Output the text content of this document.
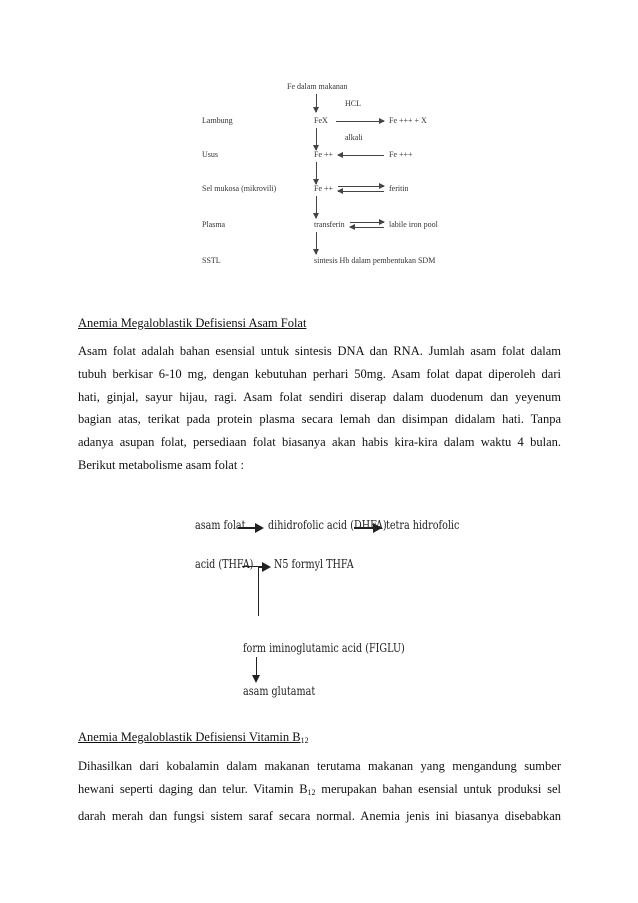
Fe dalam makanan
HCL
Lambung	FeX	Fe +++ + X
alkali
Usus	Fe ++	Fe +++
Sel mukosa (mikrovili)	Fe ++	feritin
Plasma	transferin	labile iron pool
SSTL	sintesis Hb dalam pembentukan SDM
Anemia Megaloblastik Defisiensi Asam Folat
Asam folat adalah bahan esensial untuk sintesis DNA dan RNA. Jumlah asam folat dalam
tubuh berkisar 6-10 mg, dengan kebutuhan perhari 50mg. Asam folat dapat diperoleh dari
hati, ginjal, sayur hijau, ragi. Asam folat sendiri diserap dalam duodenum dan yeyenum
bagian atas, terikat pada protein plasma secara lemah dan disimpan didalam hati. Tanpa
adanya asupan folat, persediaan folat biasanya akan habis kira-kira dalam waktu 4 bulan.
Berikut metabolisme asam folat :
asam folat dihidrofolic acid (DHFA) tetra hidrofolic
acid (THFA) N5 formyl THFA
form iminoglutamic acid (FIGLU)
asam glutamat
Anemia Megaloblastik Defisiensi Vitamin $B_{12}$
Dihasilkan dari kobalamin dalam makanan terutama makanan yang mengandung sumber
hewani seperti daging dan telur. Vitamin $B_{12}$ merupakan bahan esensial untuk produksi sel
darah merah dan fungsi sistem saraf secara normal. Anemia jenis ini biasanya disebabkan
